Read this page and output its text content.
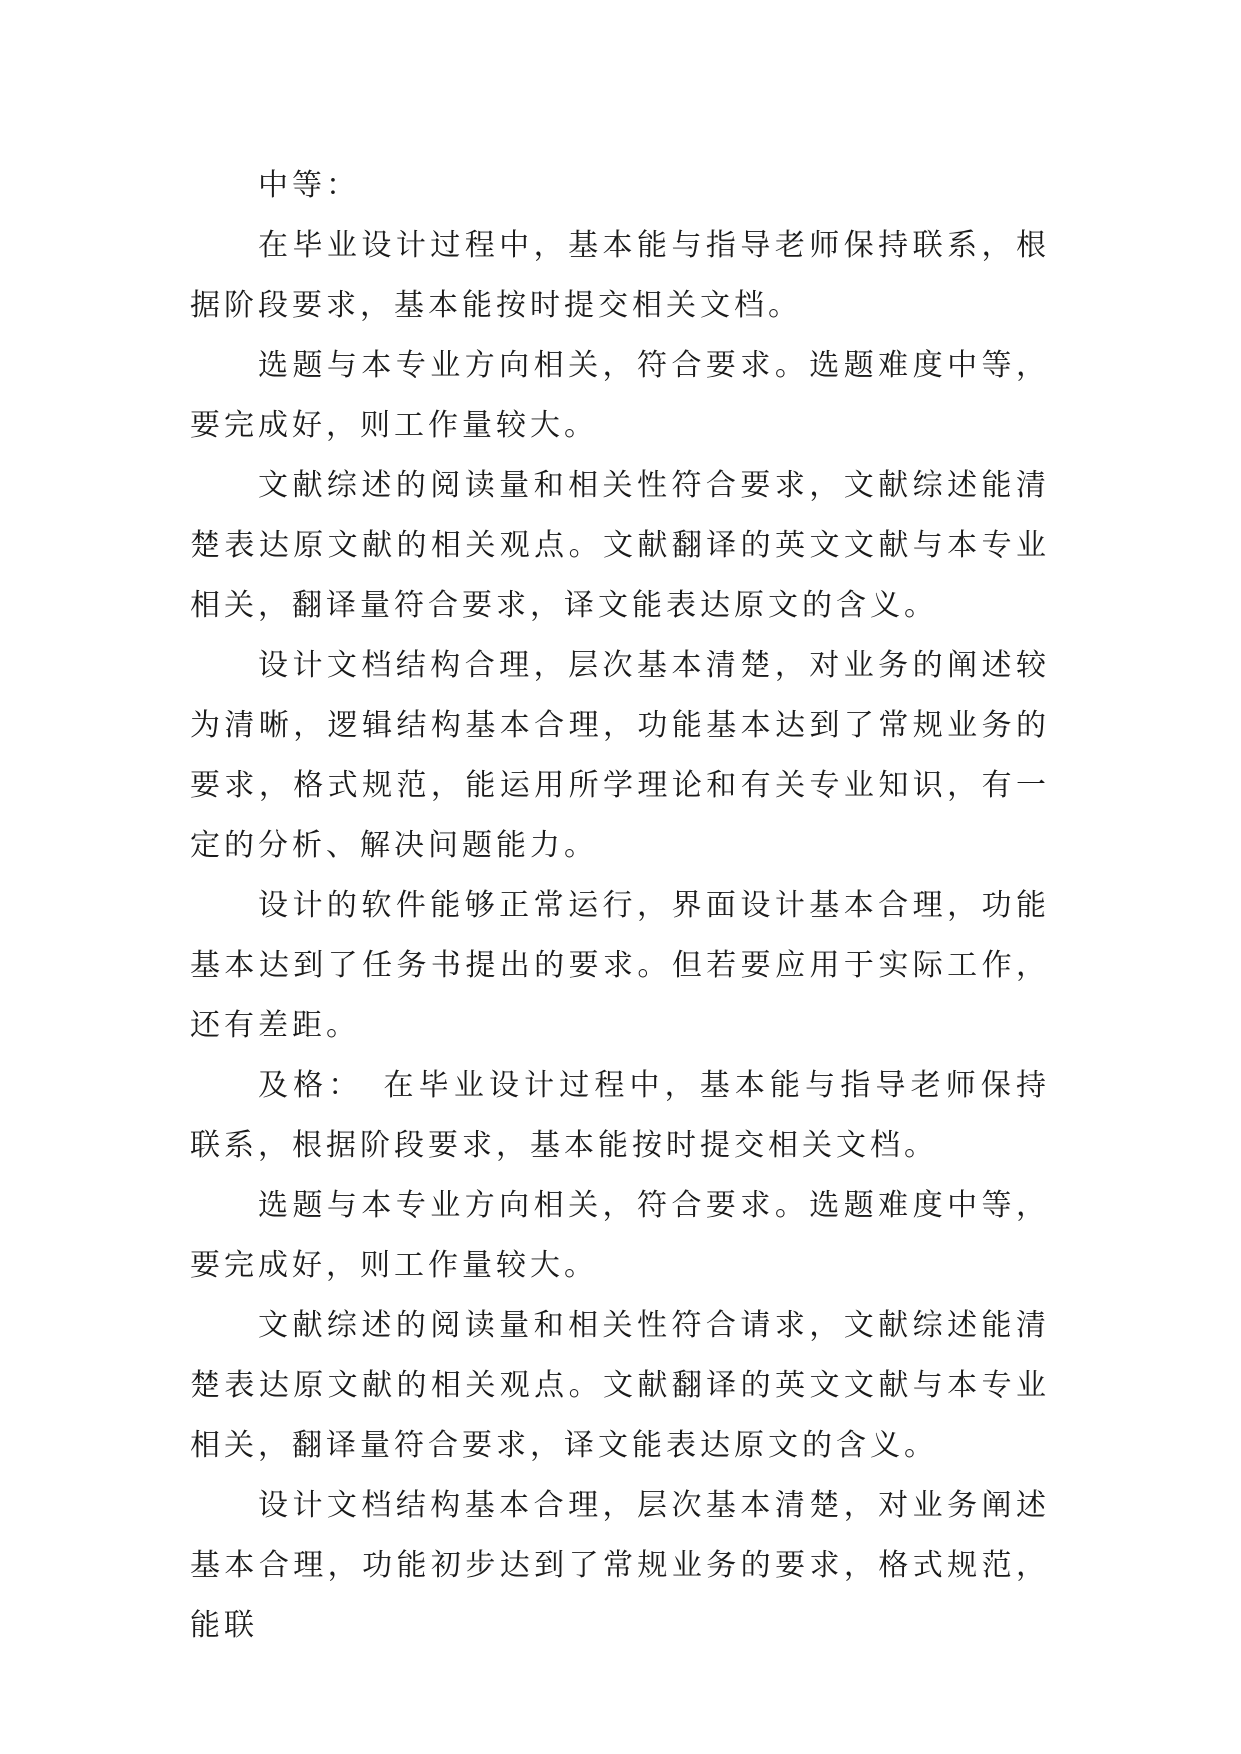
中等：

在毕业设计过程中，基本能与指导老师保持联系，根据阶段要求，基本能按时提交相关文档。

选题与本专业方向相关，符合要求。选题难度中等，要完成好，则工作量较大。

文献综述的阅读量和相关性符合要求，文献综述能清楚表达原文献的相关观点。文献翻译的英文文献与本专业相关，翻译量符合要求，译文能表达原文的含义。

设计文档结构合理，层次基本清楚，对业务的阐述较为清晰，逻辑结构基本合理，功能基本达到了常规业务的要求，格式规范，能运用所学理论和有关专业知识，有一定的分析、解决问题能力。

设计的软件能够正常运行，界面设计基本合理，功能基本达到了任务书提出的要求。但若要应用于实际工作，还有差距。

及格：　在毕业设计过程中，基本能与指导老师保持联系，根据阶段要求，基本能按时提交相关文档。

选题与本专业方向相关，符合要求。选题难度中等，要完成好，则工作量较大。

文献综述的阅读量和相关性符合请求，文献综述能清楚表达原文献的相关观点。文献翻译的英文文献与本专业相关，翻译量符合要求，译文能表达原文的含义。

设计文档结构基本合理，层次基本清楚，对业务阐述基本合理，功能初步达到了常规业务的要求，格式规范，能联
